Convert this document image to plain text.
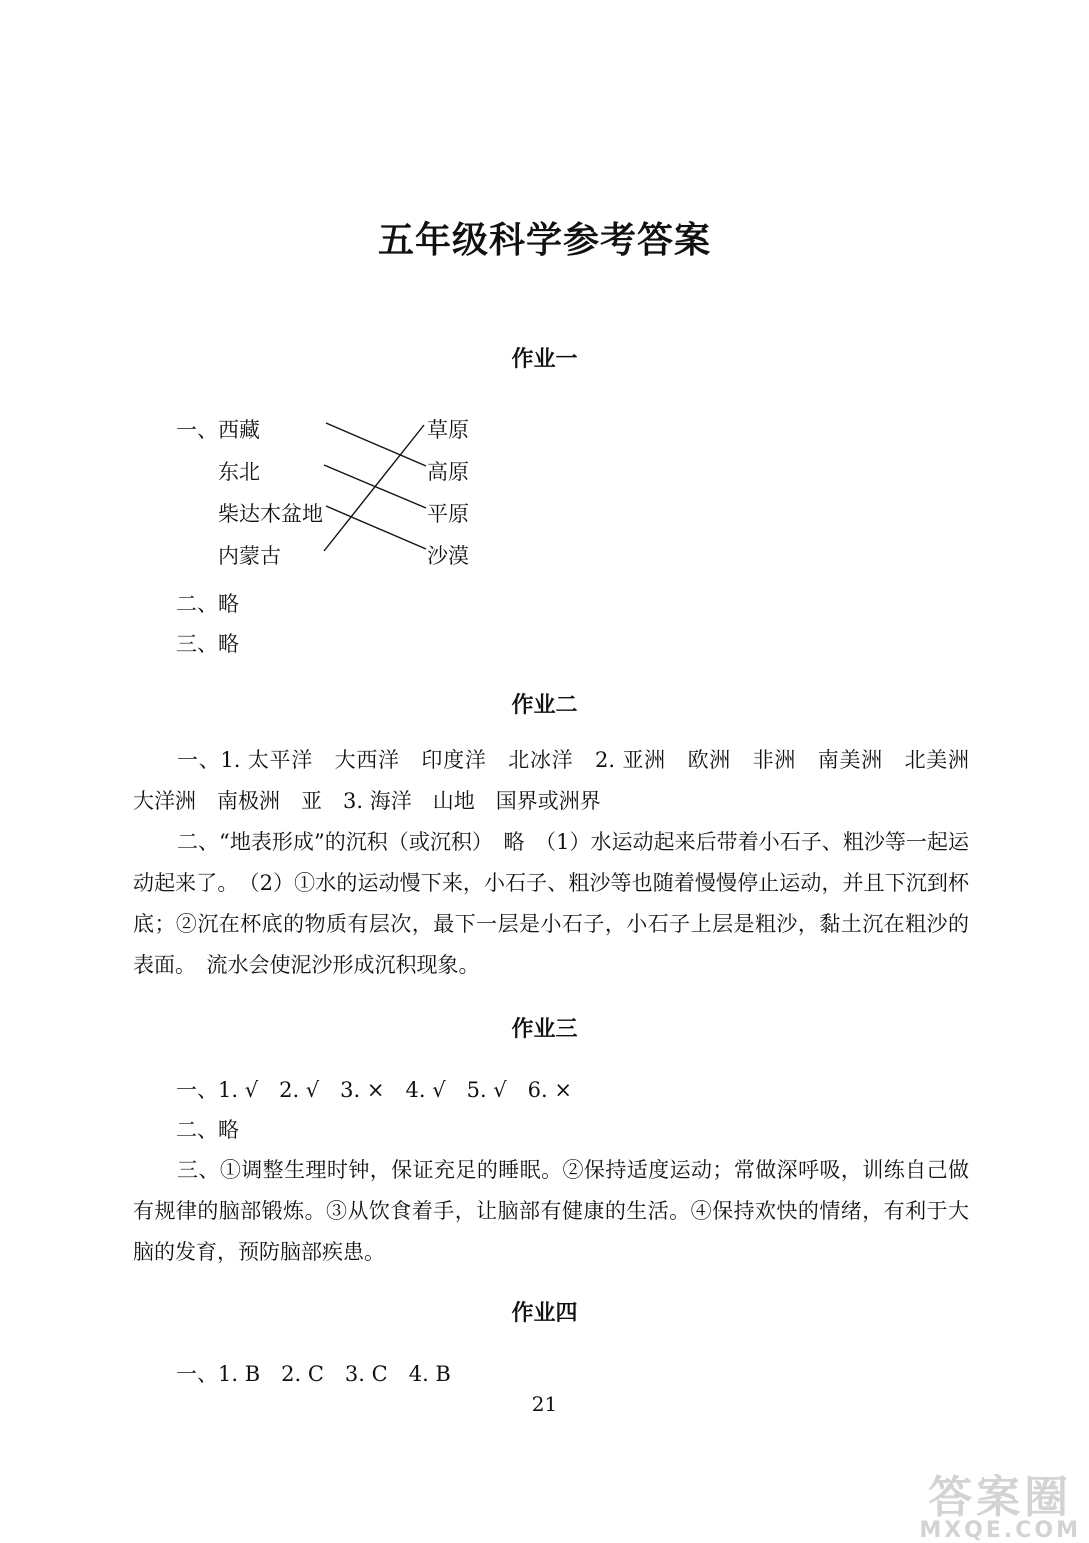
五年级科学参考答案
作业一
一、 西藏
东北
柴达木盆地
内蒙古
草原
高原
平原
沙漠
二、略
三、略
作业二
一、1. 太平洋　大西洋　印度洋　北冰洋　2. 亚洲　欧洲　非洲　南美洲　北美洲　大洋洲　南极洲　亚　3. 海洋　山地　国界或洲界
二、“地表形成”的沉积（或沉积）　略　（1）水运动起来后带着小石子、粗沙等一起运动起来了。　（2）①水的运动慢下来，小石子、粗沙等也随着慢慢停止运动，并且下沉到杯底；②沉在杯底的物质有层次，最下一层是小石子，小石子上层是粗沙，黏土沉在粗沙的表面。　流水会使泥沙形成沉积现象。
作业三
一、1. √　2. √　3. ×　4. √　5. √　6. ×
二、略
三、①调整生理时钟，保证充足的睡眠。②保持适度运动；常做深呼吸，训练自己做有规律的脑部锻炼。③从饮食着手，让脑部有健康的生活。④保持欢快的情绪，有利于大脑的发育，预防脑部疾患。
作业四
一、1. B　2. C　3. C　4. B
21
答案圈
MXQE.COM
